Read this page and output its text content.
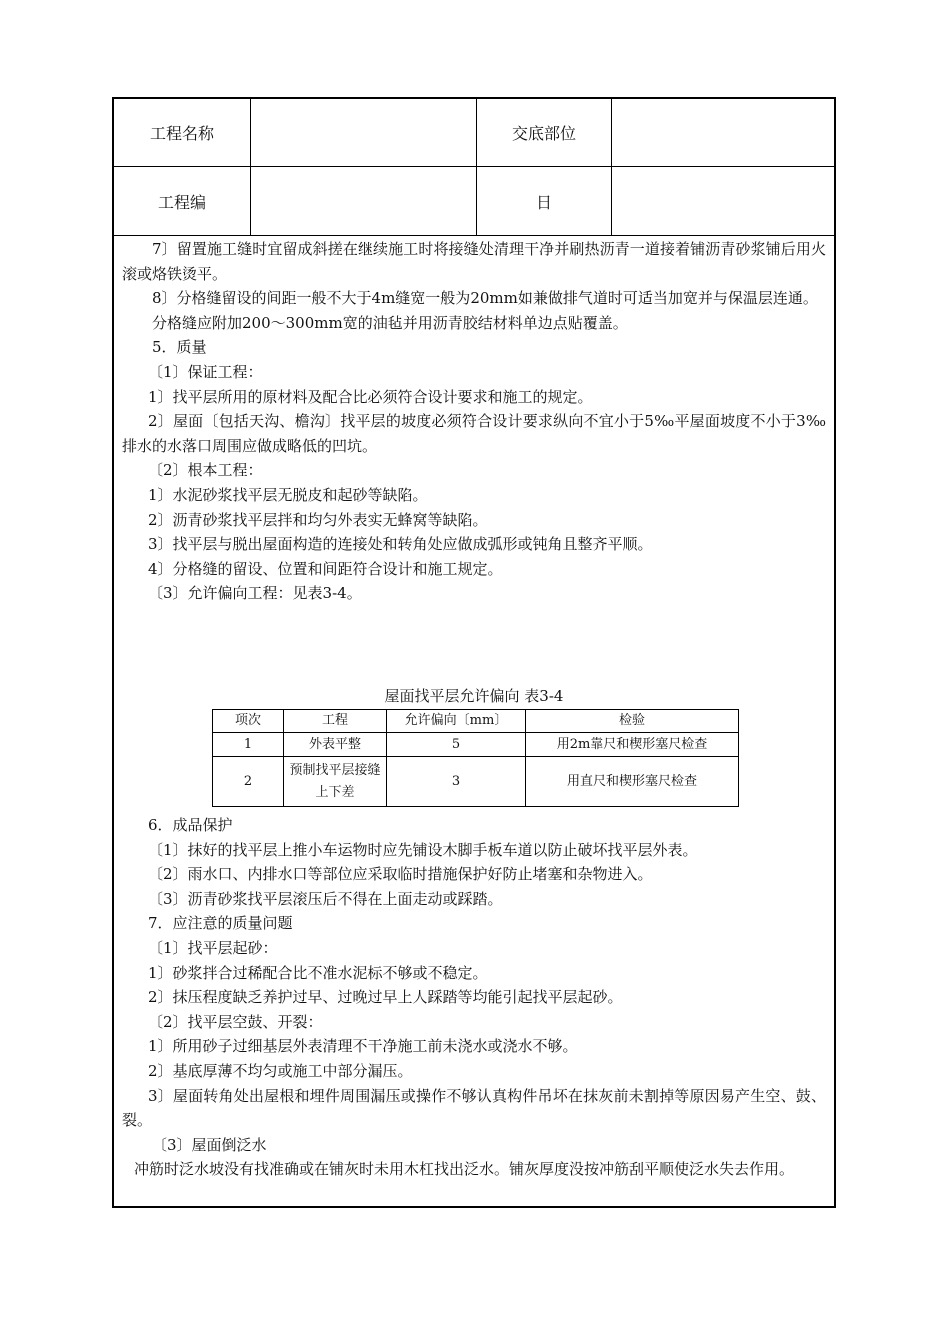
工程名称	交底部位
工程编	日

7〕留置施工缝时宜留成斜搓在继续施工时将接缝处清理干净并刷热沥青一道接着铺沥青砂浆铺后用火滚或烙铁烫平。

8〕分格缝留设的间距一般不大于4m缝宽一般为20mm如兼做排气道时可适当加宽并与保温层连通。

分格缝应附加200～300mm宽的油毡并用沥青胶结材料单边点贴覆盖。

5．质量

〔1〕保证工程：

1〕找平层所用的原材料及配合比必须符合设计要求和施工的规定。

2〕屋面〔包括天沟、檐沟〕找平层的坡度必须符合设计要求纵向不宜小于5‰平屋面坡度不小于3‰排水的水落口周围应做成略低的凹坑。

〔2〕根本工程：

1〕水泥砂浆找平层无脱皮和起砂等缺陷。

2〕沥青砂浆找平层拌和均匀外表实无蜂窝等缺陷。

3〕找平层与脱出屋面构造的连接处和转角处应做成弧形或钝角且整齐平顺。

4〕分格缝的留设、位置和间距符合设计和施工规定。

〔3〕允许偏向工程：见表3-4。

屋面找平层允许偏向 表3-4
项次	工程	允许偏向〔mm〕	检验
1	外表平整	5	用2m靠尺和楔形塞尺检查
2	预制找平层接缝上下差	3	用直尺和楔形塞尺检查

6．成品保护

〔1〕抹好的找平层上推小车运物时应先铺设木脚手板车道以防止破坏找平层外表。

〔2〕雨水口、内排水口等部位应采取临时措施保护好防止堵塞和杂物进入。

〔3〕沥青砂浆找平层滚压后不得在上面走动或踩踏。

7．应注意的质量问题

〔1〕找平层起砂：

1〕砂浆拌合过稀配合比不准水泥标不够或不稳定。

2〕抹压程度缺乏养护过早、过晚过早上人踩踏等均能引起找平层起砂。

〔2〕找平层空鼓、开裂：

1〕所用砂子过细基层外表清理不干净施工前未浇水或浇水不够。

2〕基底厚薄不均匀或施工中部分漏压。

3〕屋面转角处出屋根和埋件周围漏压或操作不够认真构件吊坏在抹灰前未割掉等原因易产生空、鼓、裂。

〔3〕屋面倒泛水

冲筋时泛水坡没有找准确或在铺灰时未用木杠找出泛水。铺灰厚度没按冲筋刮平顺使泛水失去作用。
